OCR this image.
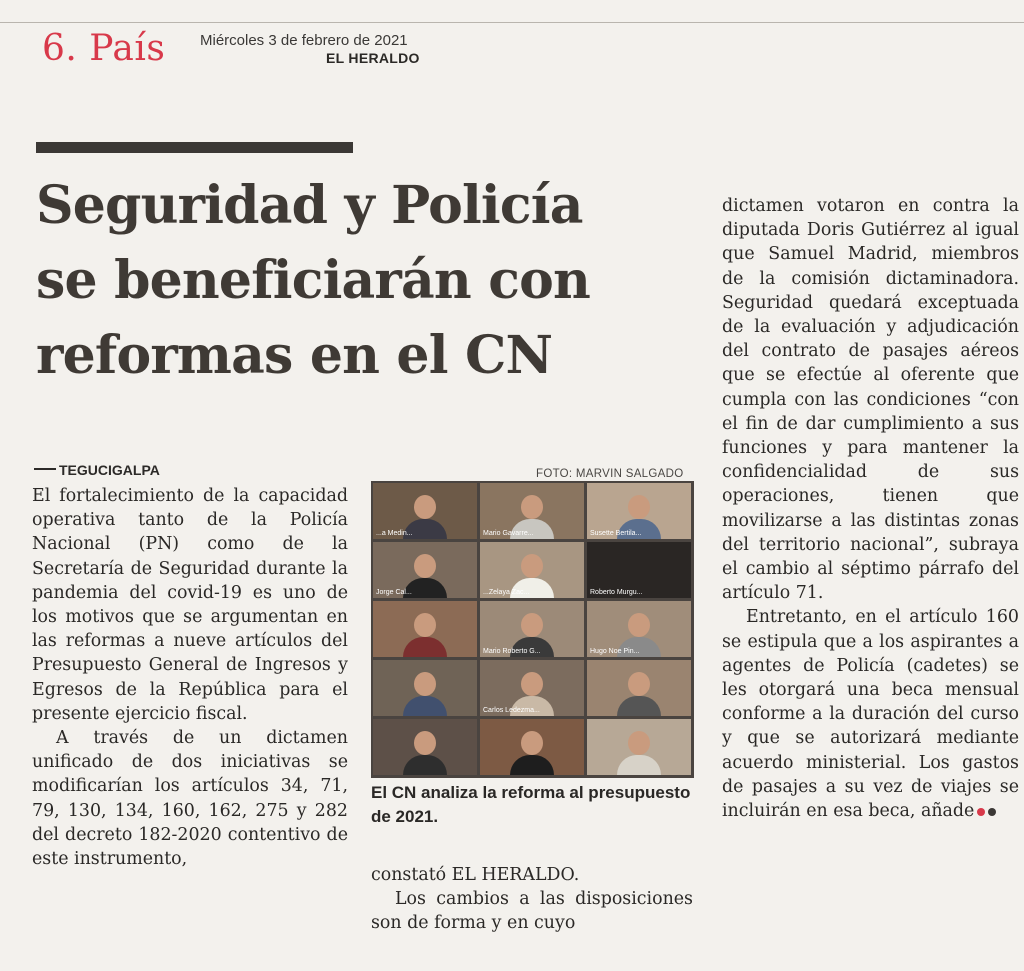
6. País Miércoles 3 de febrero de 2021
EL HERALDO
Seguridad y Policía
se beneficiarán con
reformas en el CN
TEGUCIGALPA

El fortalecimiento de la capacidad operativa tanto de la Policía Nacional (PN) como de la Secretaría de Seguridad durante la pandemia del covid-19 es uno de los motivos que se argumentan en las reformas a nueve artículos del Presupuesto General de Ingresos y Egresos de la República para el presente ejercicio fiscal.

A través de un dictamen unificado de dos iniciativas se modificarían los artículos 34, 71, 79, 130, 134, 160, 162, 275 y 282 del decreto 182-2020 contentivo de este instrumento,

FOTO: MARVIN SALGADO
...a Medin...	Mario Gavarre...	Susette Bertila...
Jorge Cal...	...Zelaya Zac...	Roberto Murgu...
Mario Roberto G...	Hugo Noe Pin...
Carlos Ledezma...
El CN analiza la reforma al presupuesto de 2021.

constató EL HERALDO.

Los cambios a las disposiciones son de forma y en cuyo

dictamen votaron en contra la diputada Doris Gutiérrez al igual que Samuel Madrid, miembros de la comisión dictaminadora. Seguridad quedará exceptuada de la evaluación y adjudicación del contrato de pasajes aéreos que se efectúe al oferente que cumpla con las condiciones “con el fin de dar cumplimiento a sus funciones y para mantener la confidencialidad de sus operaciones, tienen que movilizarse a las distintas zonas del territorio nacional”, subraya el cambio al séptimo párrafo del artículo 71.

Entretanto, en el artículo 160 se estipula que a los aspirantes a agentes de Policía (cadetes) se les otorgará una beca mensual conforme a la duración del curso y que se autorizará mediante acuerdo ministerial. Los gastos de pasajes a su vez de viajes se incluirán en esa beca, añade
